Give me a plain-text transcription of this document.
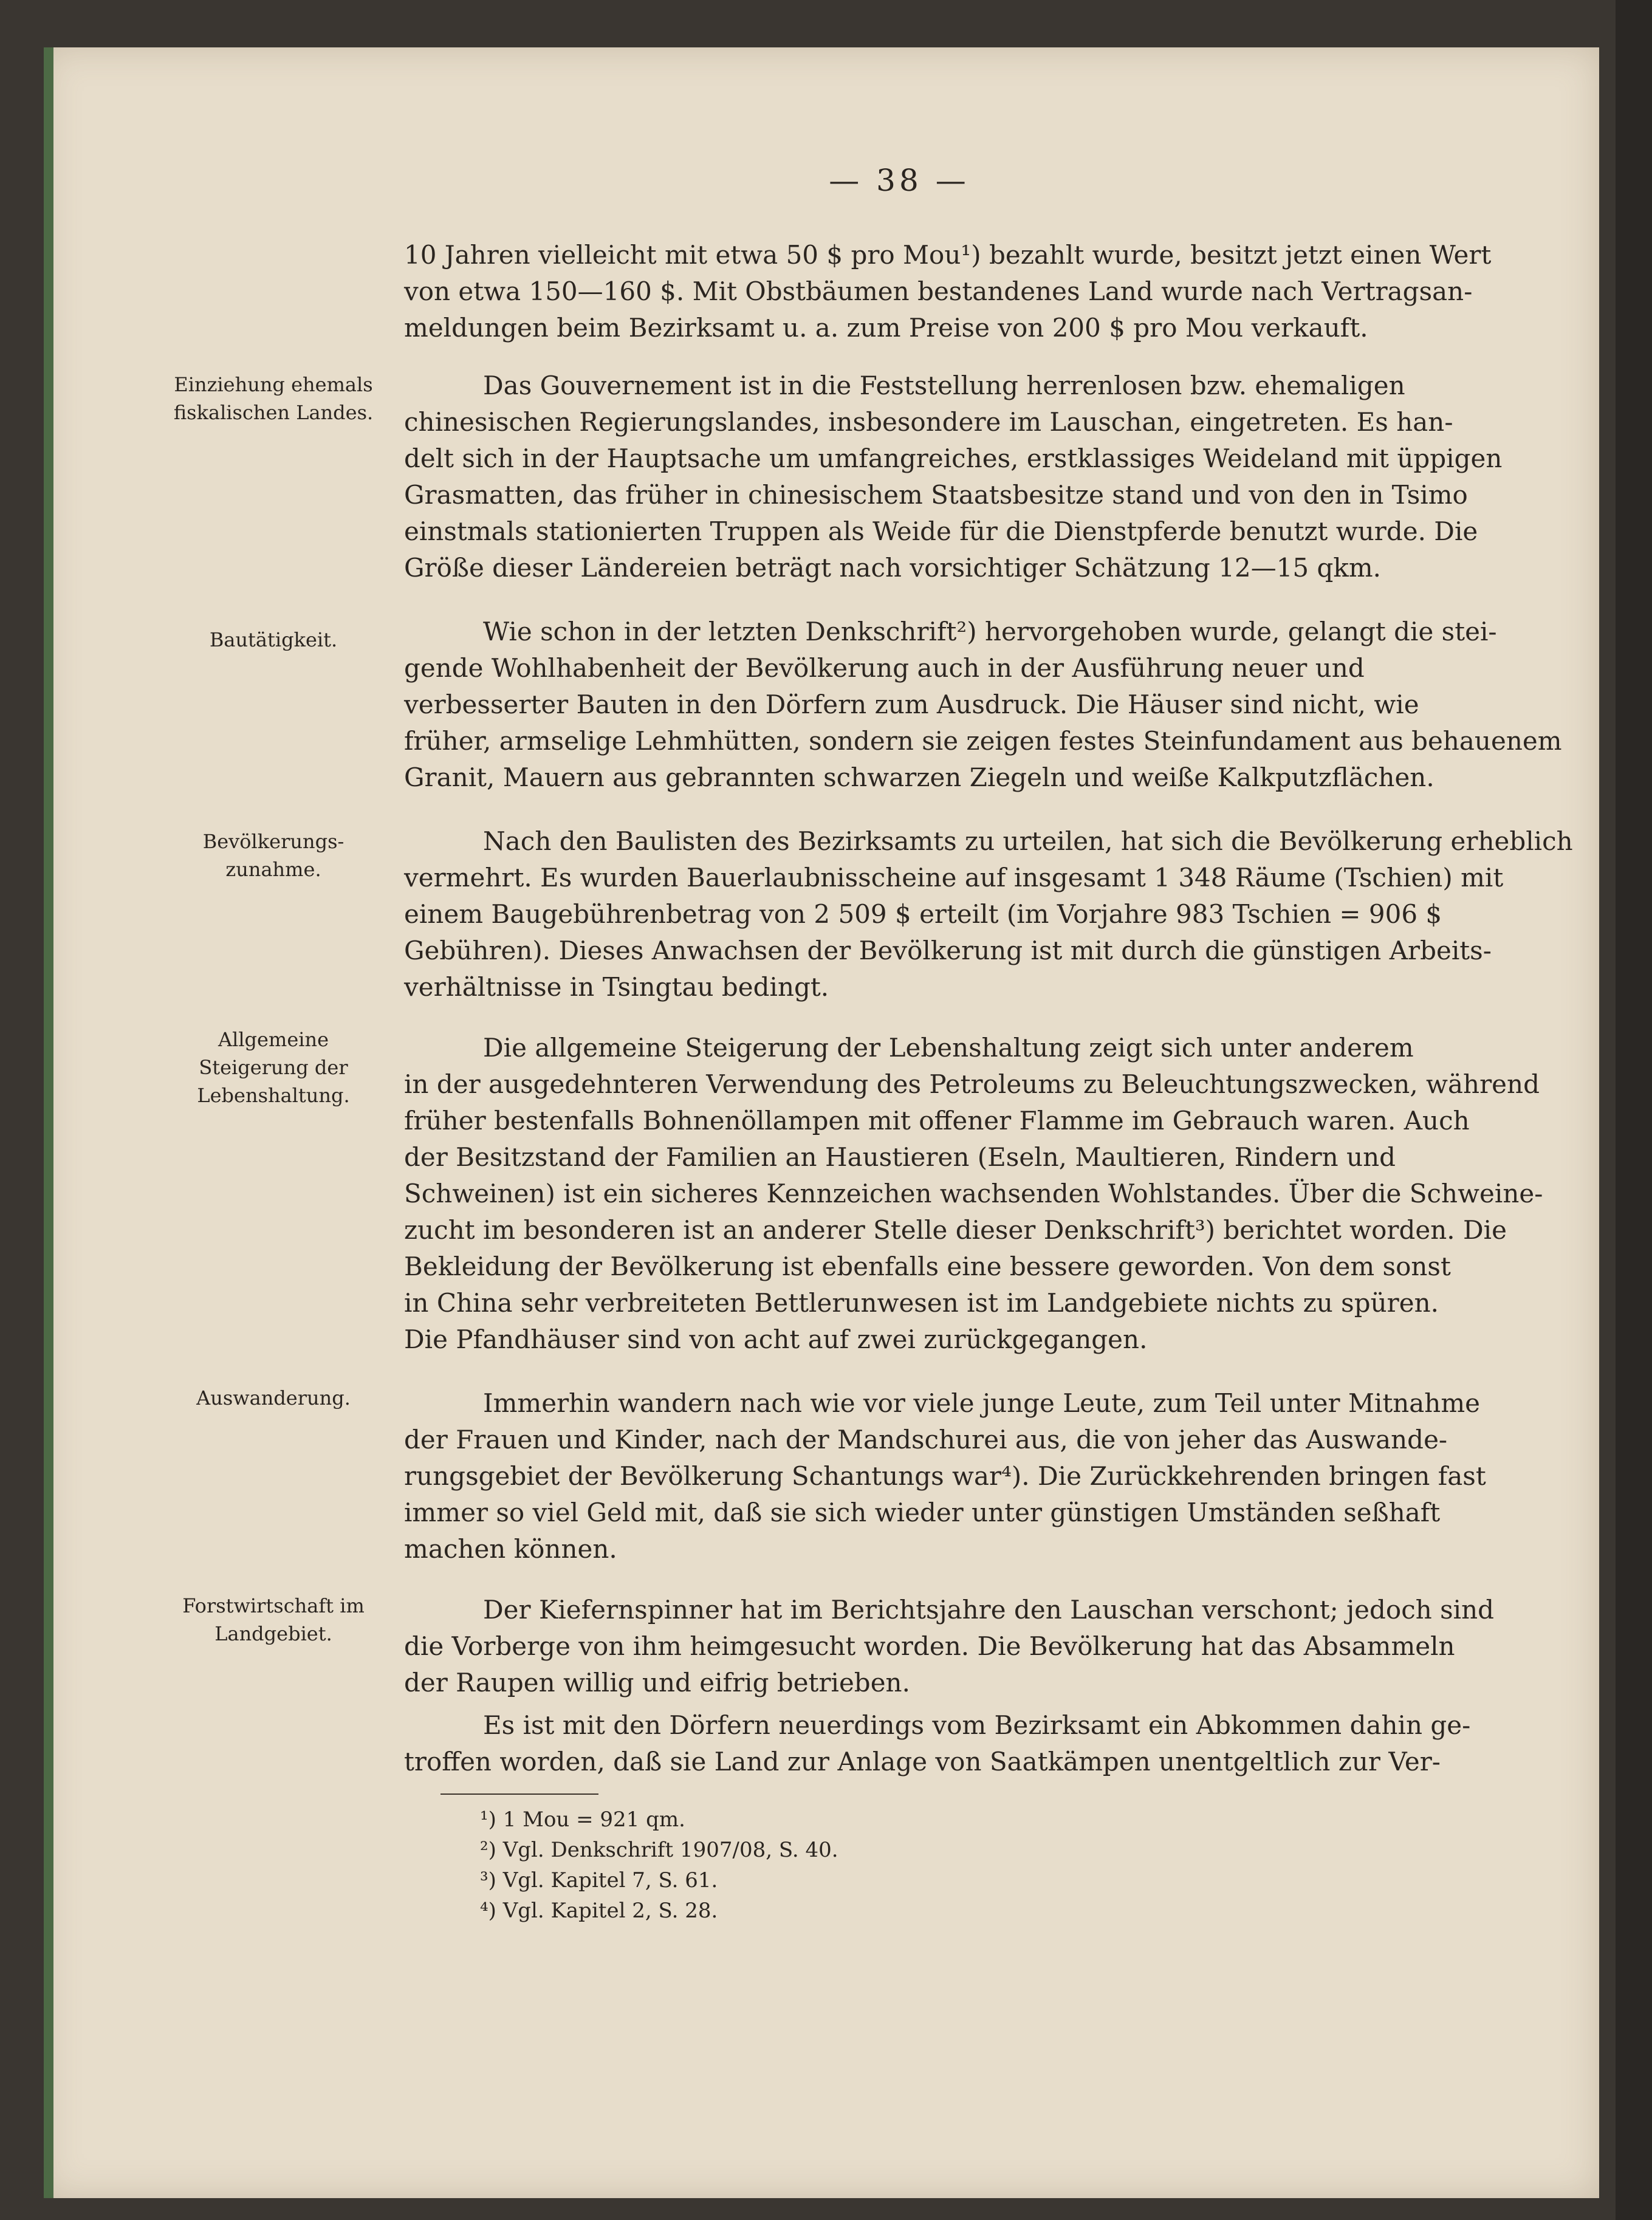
— 38 —
Einziehung ehemals
fiskalischen Landes.
Bautätigkeit.
Bevölkerungs-
zunahme.
Allgemeine
Steigerung der
Lebenshaltung.
Auswanderung.
Forstwirtschaft im
Landgebiet.
10 Jahren vielleicht mit etwa 50 $ pro Mou¹) bezahlt wurde, besitzt jetzt einen Wert
von etwa 150—160 $. Mit Obstbäumen bestandenes Land wurde nach Vertragsan-
meldungen beim Bezirksamt u. a. zum Preise von 200 $ pro Mou verkauft.
Das Gouvernement ist in die Feststellung herrenlosen bzw. ehemaligen
chinesischen Regierungslandes, insbesondere im Lauschan, eingetreten. Es han-
delt sich in der Hauptsache um umfangreiches, erstklassiges Weideland mit üppigen
Grasmatten, das früher in chinesischem Staatsbesitze stand und von den in Tsimo
einstmals stationierten Truppen als Weide für die Dienstpferde benutzt wurde. Die
Größe dieser Ländereien beträgt nach vorsichtiger Schätzung 12—15 qkm.
Wie schon in der letzten Denkschrift²) hervorgehoben wurde, gelangt die stei-
gende Wohlhabenheit der Bevölkerung auch in der Ausführung neuer und
verbesserter Bauten in den Dörfern zum Ausdruck. Die Häuser sind nicht, wie
früher, armselige Lehmhütten, sondern sie zeigen festes Steinfundament aus behauenem
Granit, Mauern aus gebrannten schwarzen Ziegeln und weiße Kalkputzflächen.
Nach den Baulisten des Bezirksamts zu urteilen, hat sich die Bevölkerung erheblich
vermehrt. Es wurden Bauerlaubnisscheine auf insgesamt 1 348 Räume (Tschien) mit
einem Baugebührenbetrag von 2 509 $ erteilt (im Vorjahre 983 Tschien = 906 $
Gebühren). Dieses Anwachsen der Bevölkerung ist mit durch die günstigen Arbeits-
verhältnisse in Tsingtau bedingt.
Die allgemeine Steigerung der Lebenshaltung zeigt sich unter anderem
in der ausgedehnteren Verwendung des Petroleums zu Beleuchtungszwecken, während
früher bestenfalls Bohnenöllampen mit offener Flamme im Gebrauch waren. Auch
der Besitzstand der Familien an Haustieren (Eseln, Maultieren, Rindern und
Schweinen) ist ein sicheres Kennzeichen wachsenden Wohlstandes. Über die Schweine-
zucht im besonderen ist an anderer Stelle dieser Denkschrift³) berichtet worden. Die
Bekleidung der Bevölkerung ist ebenfalls eine bessere geworden. Von dem sonst
in China sehr verbreiteten Bettlerunwesen ist im Landgebiete nichts zu spüren.
Die Pfandhäuser sind von acht auf zwei zurückgegangen.
Immerhin wandern nach wie vor viele junge Leute, zum Teil unter Mitnahme
der Frauen und Kinder, nach der Mandschurei aus, die von jeher das Auswande-
rungsgebiet der Bevölkerung Schantungs war⁴). Die Zurückkehrenden bringen fast
immer so viel Geld mit, daß sie sich wieder unter günstigen Umständen seßhaft
machen können.
Der Kiefernspinner hat im Berichtsjahre den Lauschan verschont; jedoch sind
die Vorberge von ihm heimgesucht worden. Die Bevölkerung hat das Absammeln
der Raupen willig und eifrig betrieben.
Es ist mit den Dörfern neuerdings vom Bezirksamt ein Abkommen dahin ge-
troffen worden, daß sie Land zur Anlage von Saatkämpen unentgeltlich zur Ver-
¹) 1 Mou = 921 qm.
²) Vgl. Denkschrift 1907/08, S. 40.
³) Vgl. Kapitel 7, S. 61.
⁴) Vgl. Kapitel 2, S. 28.
